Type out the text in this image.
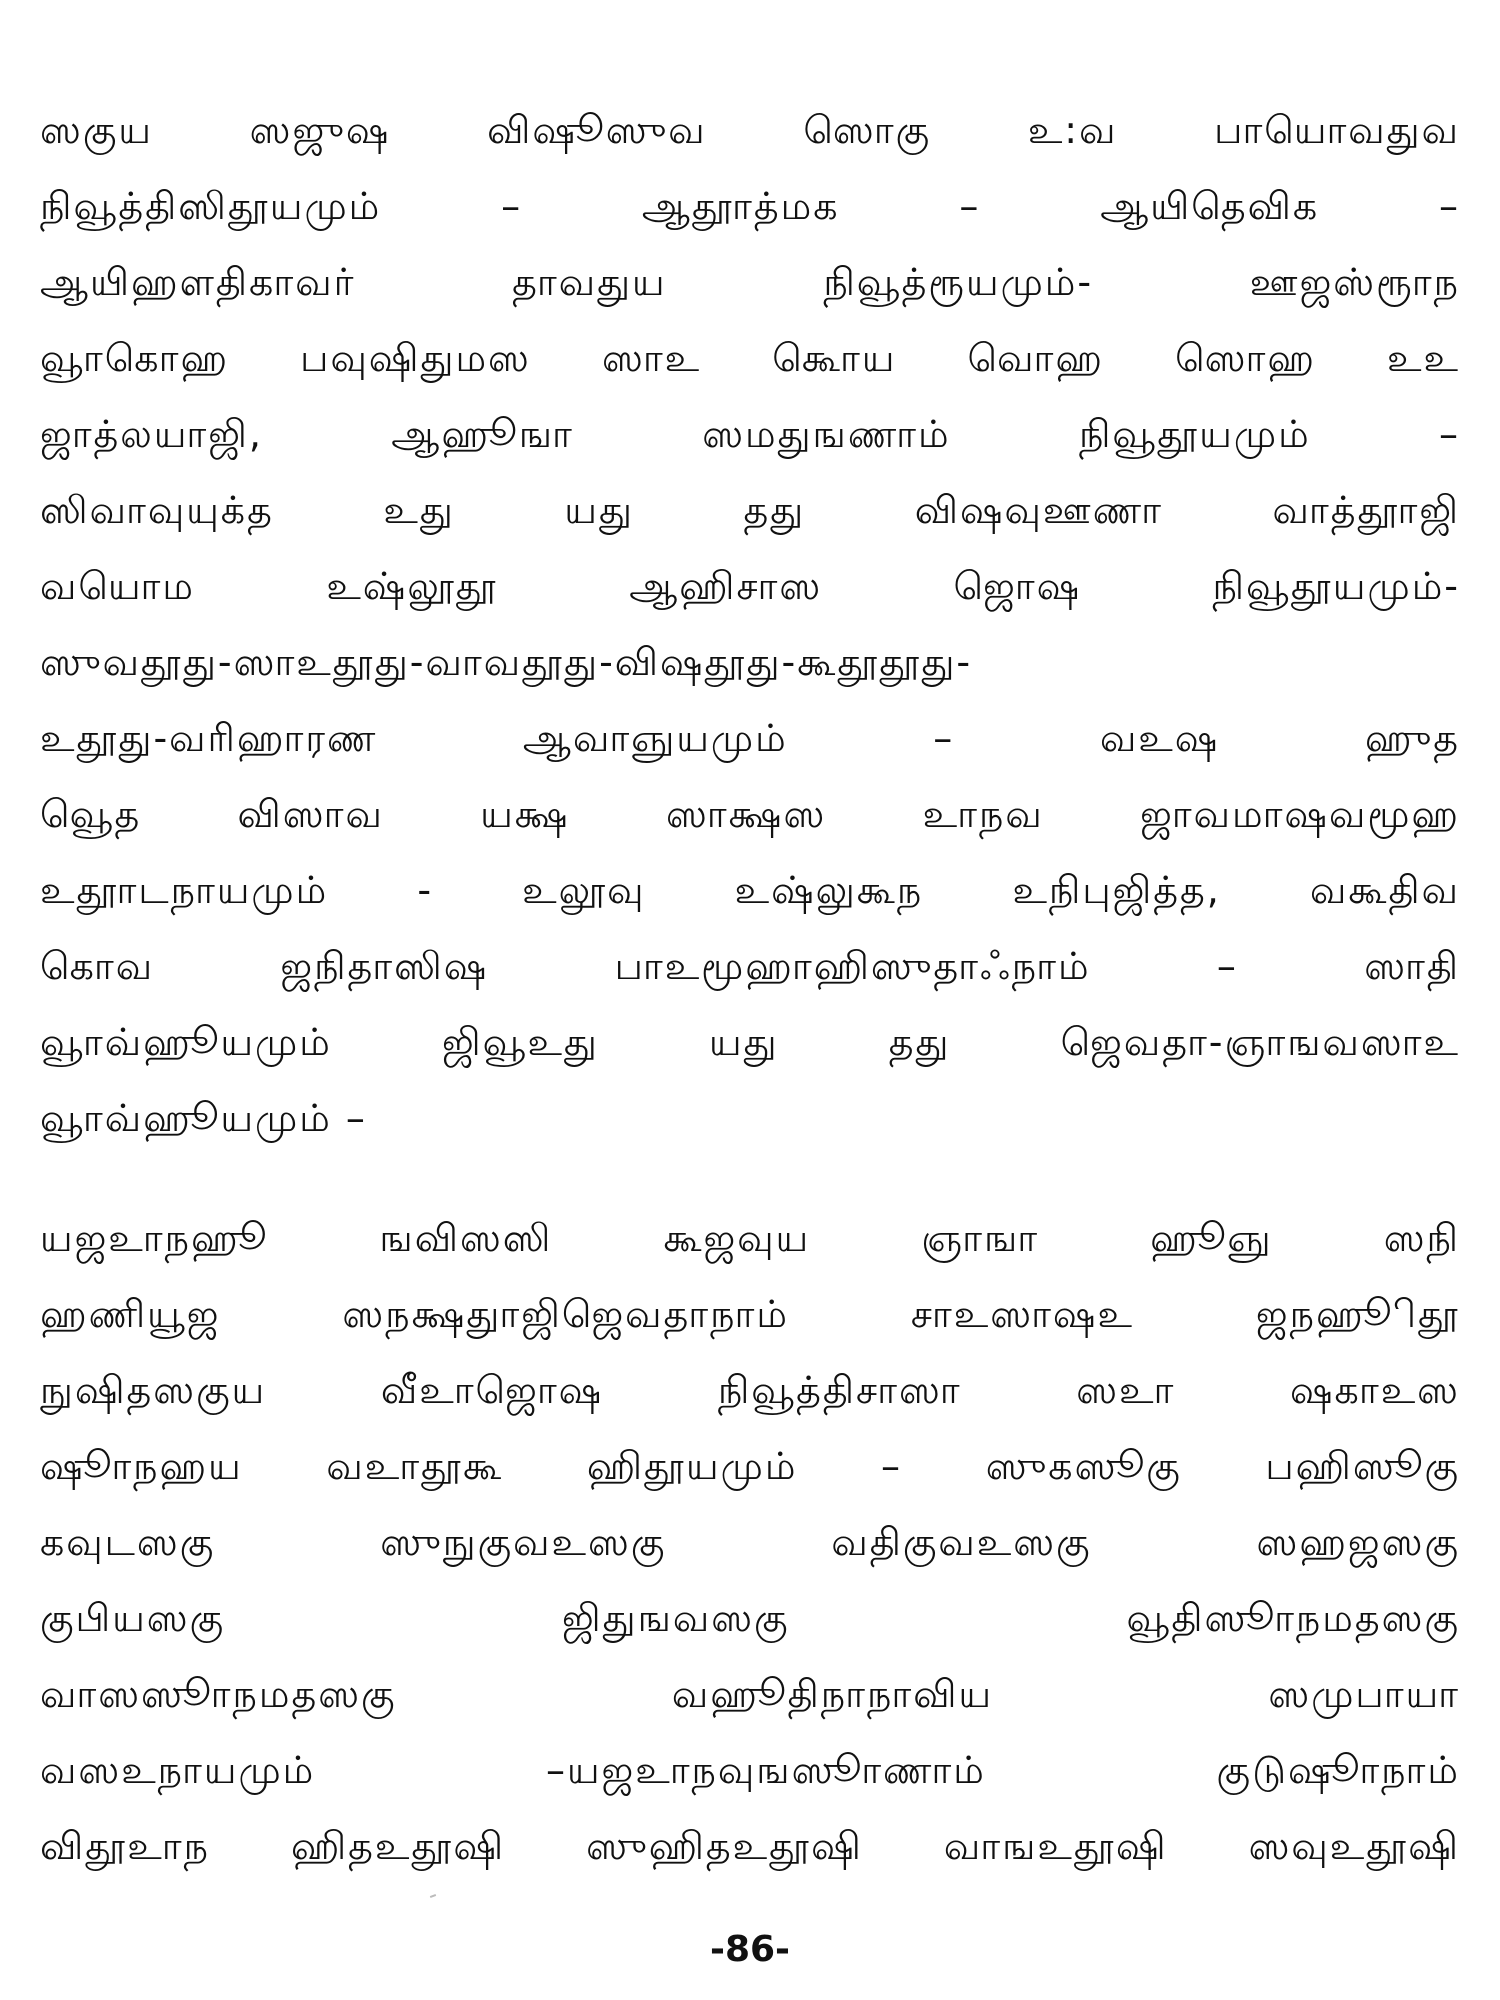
ஸகுய ஸஜுஷ விஷூஸுவ ஸொகு உ:வ பாயொவதுவ
நிவூத்திஸிதூயமும் – ஆதூாத்மக – ஆயிதெவிக –
ஆயிஹளதிகாவர் தாவதுய நிவூத்ரூயமும்- ஊஜஸ்ரூாந
வூாகொஹ பவுஷிதுமஸ ஸாஉ கெூாய வொஹ ஸொஹ உஉ
ஜாத்லயாஜி, ஆஹூஙா ஸமதுஙணாம் நிவூதூயமும் –
ஸிவாவுயுக்த உது யது தது விஷவுஊணா வாத்தூாஜி
வயொம உஷ்லூதூ ஆஹிசாஸ ஜொஷ நிவூதூயமும்-
ஸுவதூது-ஸாஉதூது-வாவதூது-விஷதூது-கூதூதூது-
உதூது-வரிஹாரண ஆவாஞுயமும் – வஉஷ ஹுத
வெூத விஸாவ யக்ஷ ஸாக்ஷஸ உாநவ ஜாவமாஷவமூஹ
உதூாடநாயமும் - உலூவு உஷ்லுகூந உநிபுஜித்த, வகூதிவ
கொவ ஜநிதாஸிஷ பாஉமூஹாஹிஸுதாஃநாம் – ஸாதி
வூாவ்ஹூயமும் ஜிவூஉது யது தது ஜெவதா-ஞாஙவஸாஉ
வூாவ்ஹூயமும் –
யஜஉாநஹூ ஙவிஸஸி கூஜவுய ஞாஙா ஹூஞு ஸநி
ஹணியூஜ ஸநக்ஷதுாஜிஜெவதாநாம் சாஉஸாஷஉ ஜநஹூிதூ
நுஷிதஸகுய வீஉாஜொஷ நிவூத்திசாஸா ஸஉா ஷகாஉஸ
ஷூாநஹய வஉாதூகூ ஹிதூயமும் – ஸுகஸூகு பஹிஸூகு
கவுடஸகு ஸுநுகுவஉஸகு வதிகுவஉஸகு ஸஹஜஸகு
குபியஸகு ஜிதுஙவஸகு வூதிஸூாநமதஸகு
வாஸஸூாநமதஸகு வஹூதிநாநாவிய ஸமுபாயா
வஸஉநாயமும் –யஜஉாநவுஙஸூாணாம் குடுஷூாநாம்
விதூஉாந ஹிதஉதூஷி ஸுஹிதஉதூஷி வாஙஉதூஷி ஸவுஉதூஷி
-86-
